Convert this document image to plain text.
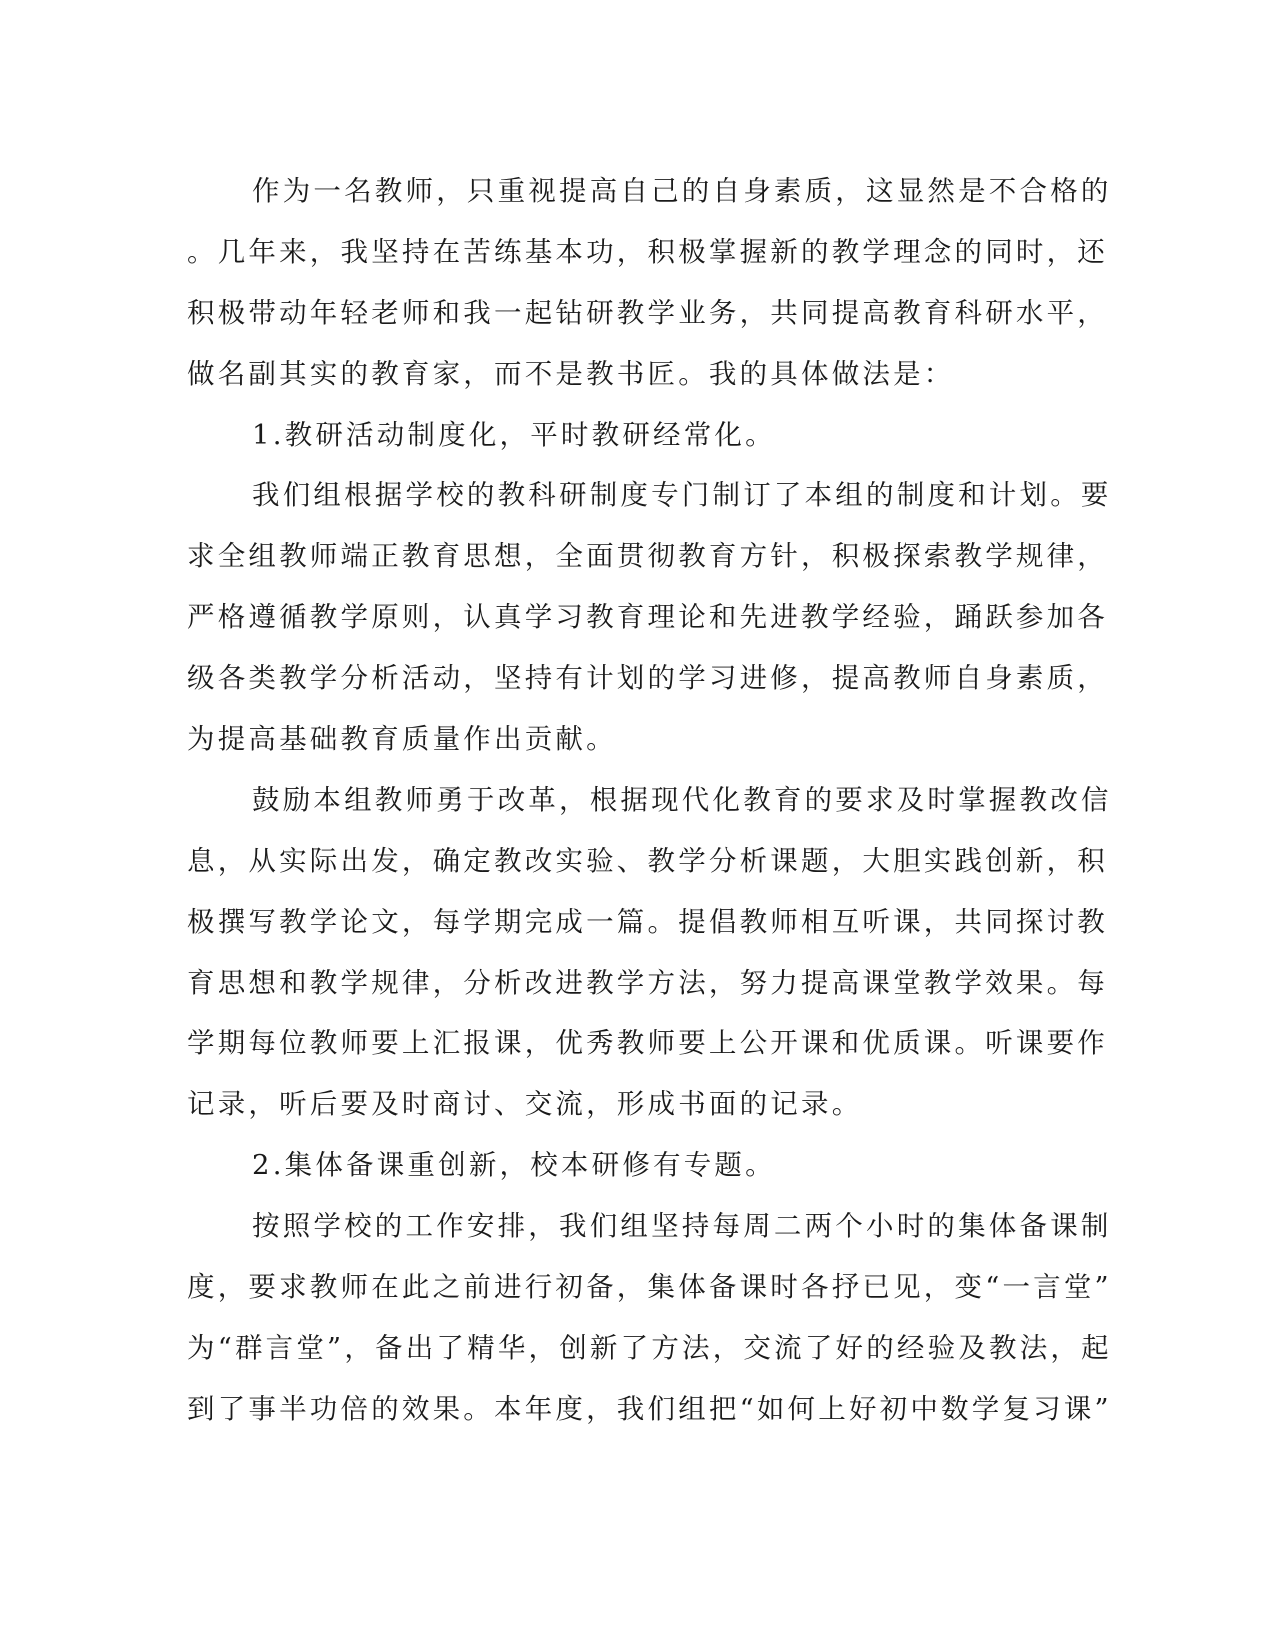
作为一名教师，只重视提高自己的自身素质，这显然是不合格的
。几年来，我坚持在苦练基本功，积极掌握新的教学理念的同时，还
积极带动年轻老师和我一起钻研教学业务，共同提高教育科研水平，
做名副其实的教育家，而不是教书匠。我的具体做法是：
1.教研活动制度化，平时教研经常化。
我们组根据学校的教科研制度专门制订了本组的制度和计划。要
求全组教师端正教育思想，全面贯彻教育方针，积极探索教学规律，
严格遵循教学原则，认真学习教育理论和先进教学经验，踊跃参加各
级各类教学分析活动，坚持有计划的学习进修，提高教师自身素质，
为提高基础教育质量作出贡献。
鼓励本组教师勇于改革，根据现代化教育的要求及时掌握教改信
息，从实际出发，确定教改实验、教学分析课题，大胆实践创新，积
极撰写教学论文，每学期完成一篇。提倡教师相互听课，共同探讨教
育思想和教学规律，分析改进教学方法，努力提高课堂教学效果。每
学期每位教师要上汇报课，优秀教师要上公开课和优质课。听课要作
记录，听后要及时商讨、交流，形成书面的记录。
2.集体备课重创新，校本研修有专题。
按照学校的工作安排，我们组坚持每周二两个小时的集体备课制
度，要求教师在此之前进行初备，集体备课时各抒已见，变“一言堂”
为“群言堂”，备出了精华，创新了方法，交流了好的经验及教法，起
到了事半功倍的效果。本年度，我们组把“如何上好初中数学复习课”
